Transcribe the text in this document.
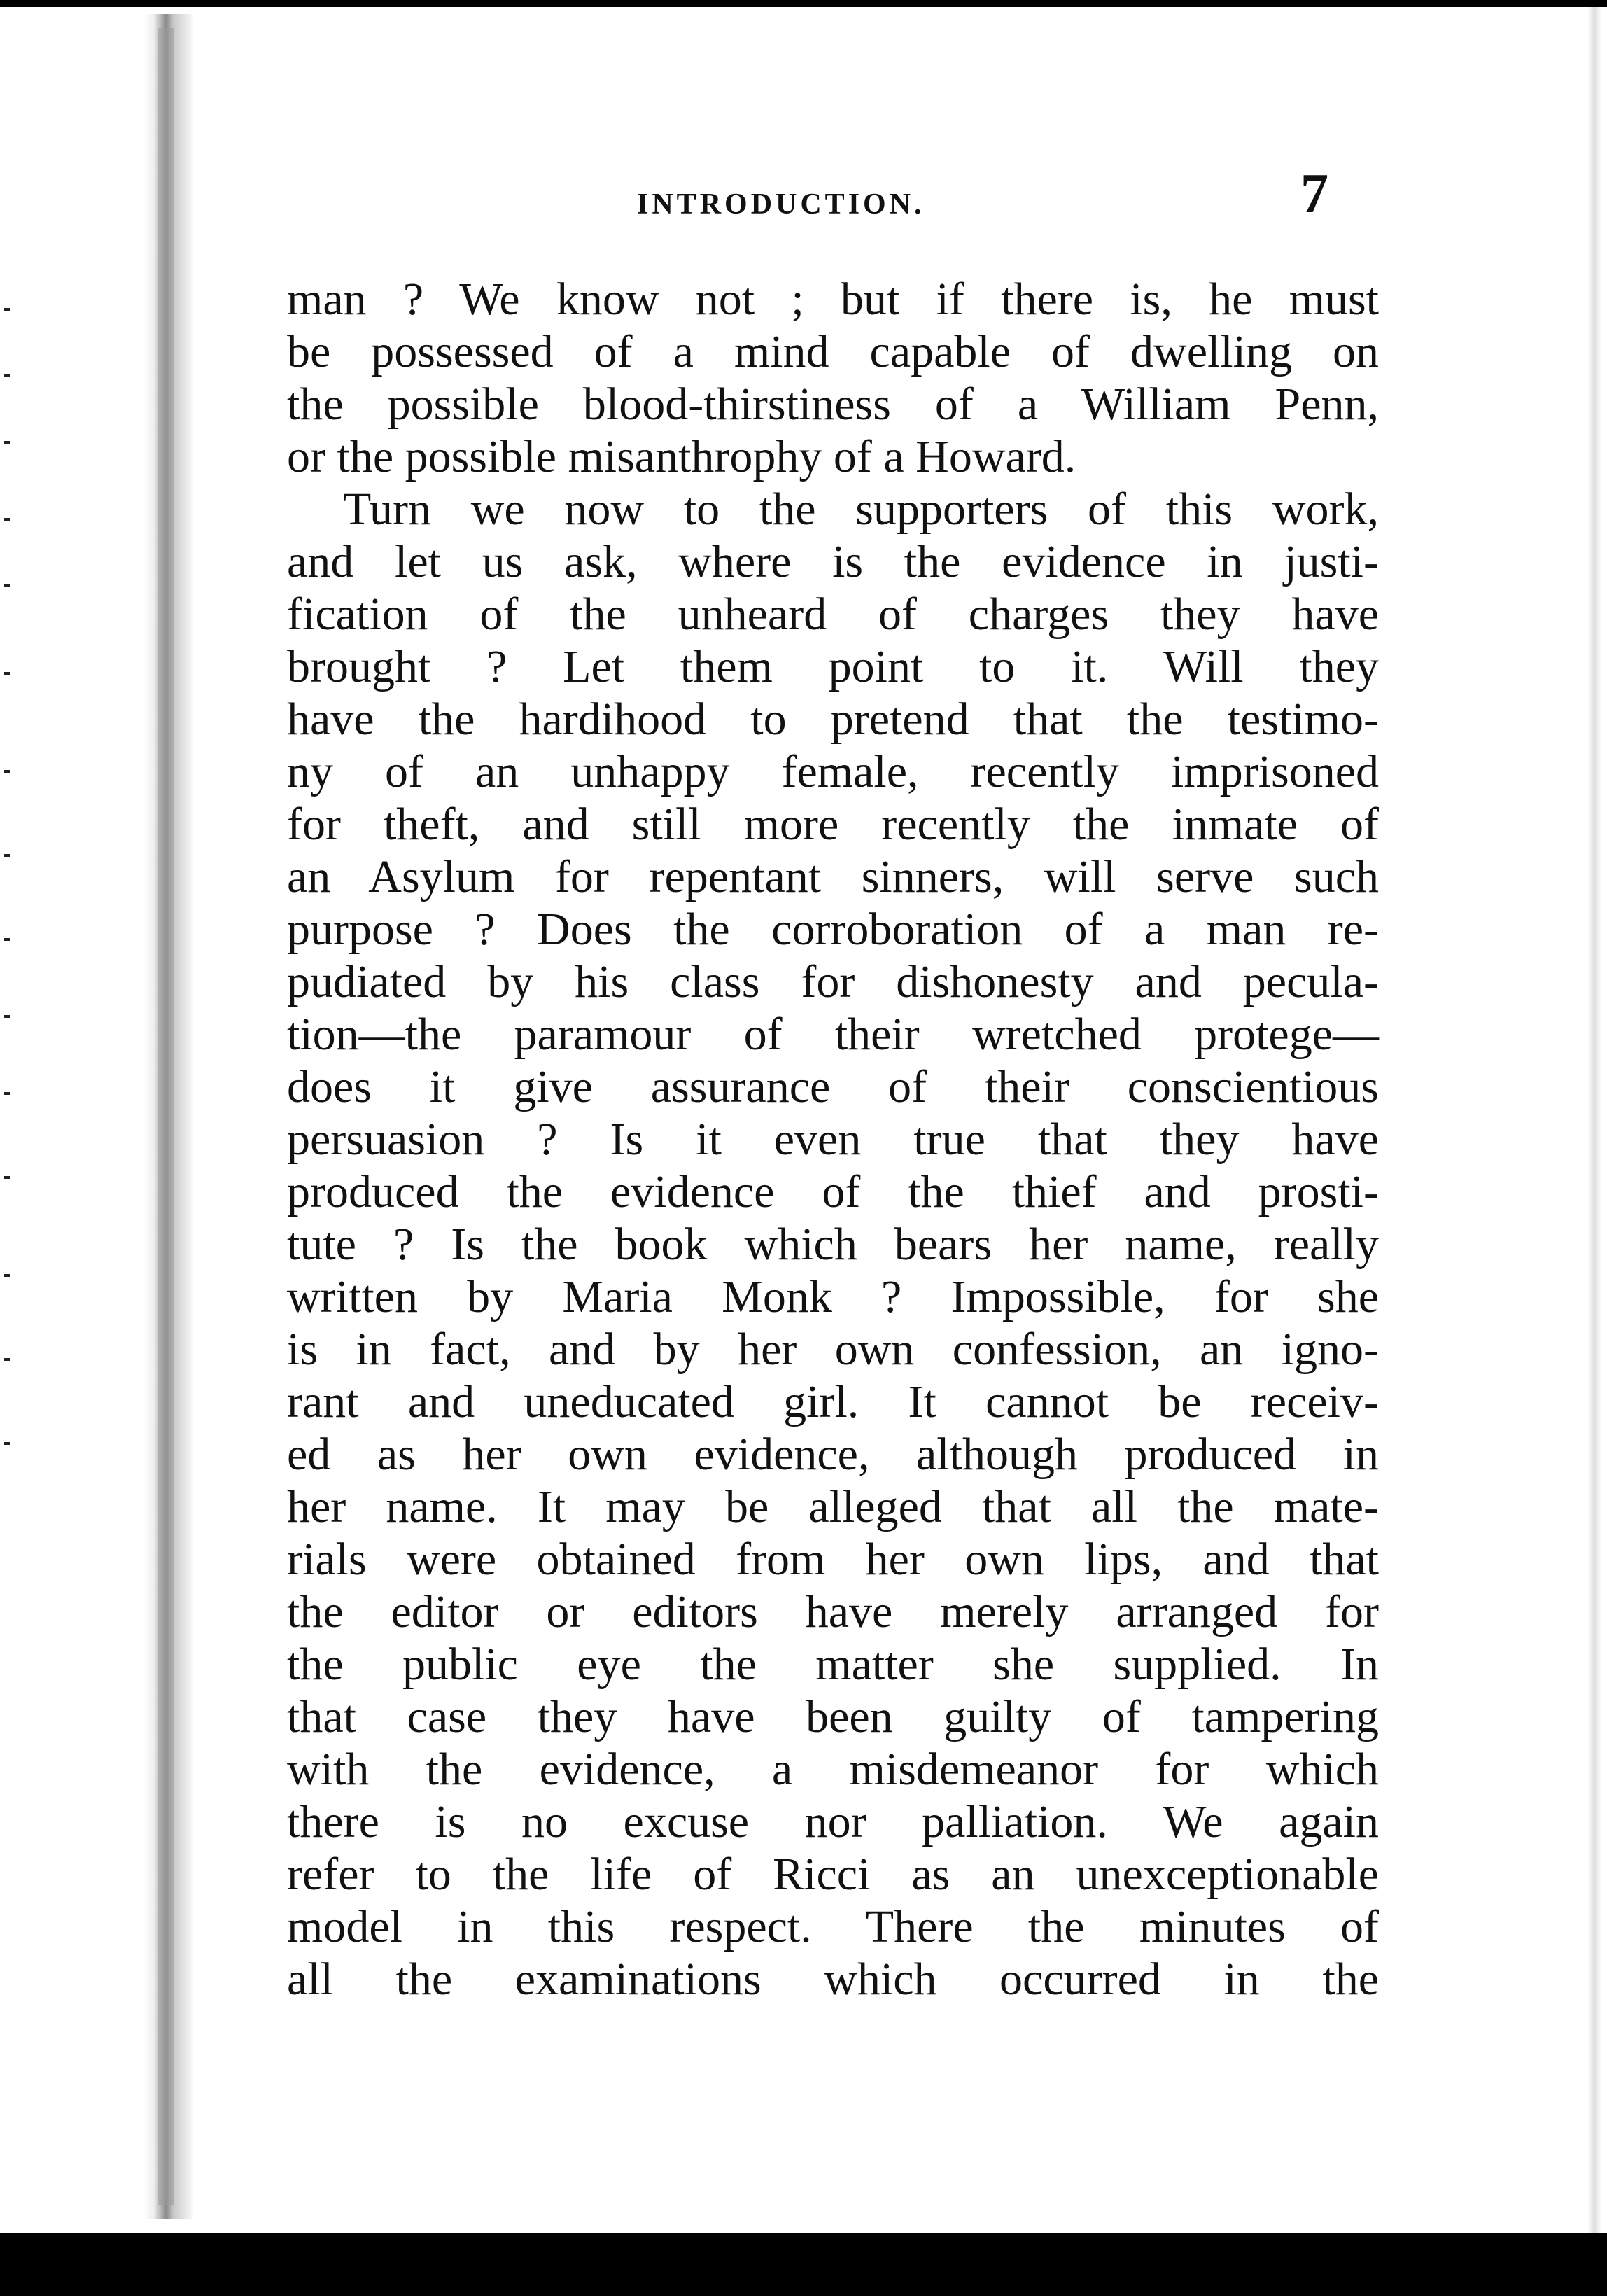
INTRODUCTION.	7
man ? We know not ; but if there is, he must
be possessed of a mind capable of dwelling on
the possible blood-thirstiness of a William Penn,
or the possible misanthrophy of a Howard.
Turn we now to the supporters of this work,
and let us ask, where is the evidence in justi-
fication of the unheard of charges they have
brought ? Let them point to it. Will they
have the hardihood to pretend that the testimo-
ny of an unhappy female, recently imprisoned
for theft, and still more recently the inmate of
an Asylum for repentant sinners, will serve such
purpose ? Does the corroboration of a man re-
pudiated by his class for dishonesty and pecula-
tion—the paramour of their wretched protege—
does it give assurance of their conscientious
persuasion ? Is it even true that they have
produced the evidence of the thief and prosti-
tute ? Is the book which bears her name, really
written by Maria Monk ? Impossible, for she
is in fact, and by her own confession, an igno-
rant and uneducated girl. It cannot be receiv-
ed as her own evidence, although produced in
her name. It may be alleged that all the mate-
rials were obtained from her own lips, and that
the editor or editors have merely arranged for
the public eye the matter she supplied. In
that case they have been guilty of tampering
with the evidence, a misdemeanor for which
there is no excuse nor palliation. We again
refer to the life of Ricci as an unexceptionable
model in this respect. There the minutes of
all the examinations which occurred in the
